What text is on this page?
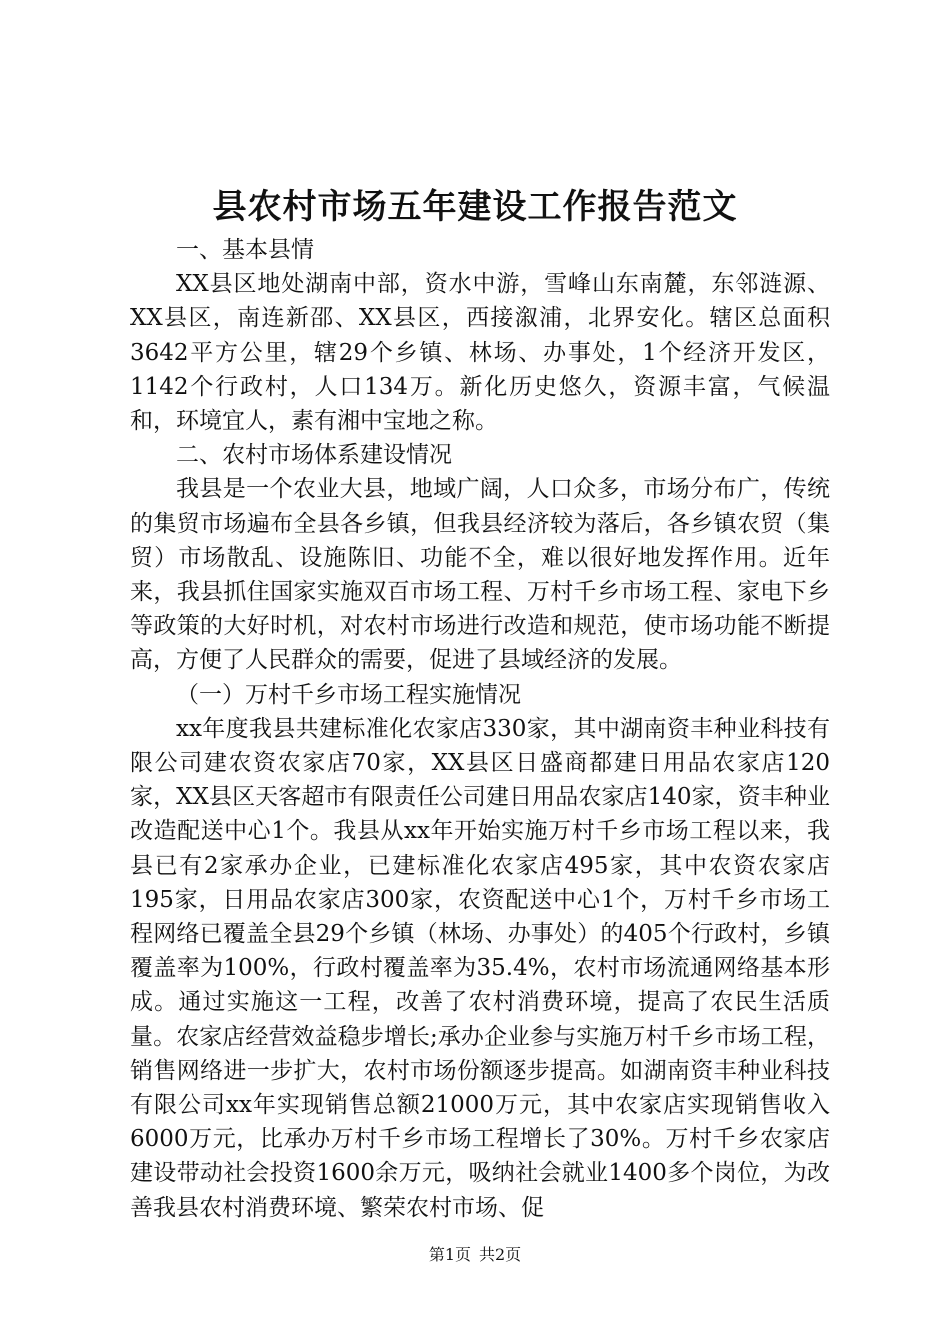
县农村市场五年建设工作报告范文

一、基本县情

XX县区地处湖南中部，资水中游，雪峰山东南麓，东邻涟源、XX县区，南连新邵、XX县区，西接溆浦，北界安化。辖区总面积3642平方公里，辖29个乡镇、林场、办事处，1个经济开发区，1142个行政村，人口134万。新化历史悠久，资源丰富，气候温和，环境宜人，素有湘中宝地之称。

二、农村市场体系建设情况

我县是一个农业大县，地域广阔，人口众多，市场分布广，传统的集贸市场遍布全县各乡镇，但我县经济较为落后，各乡镇农贸（集贸）市场散乱、设施陈旧、功能不全，难以很好地发挥作用。近年来，我县抓住国家实施双百市场工程、万村千乡市场工程、家电下乡等政策的大好时机，对农村市场进行改造和规范，使市场功能不断提高，方便了人民群众的需要，促进了县域经济的发展。

（一）万村千乡市场工程实施情况

xx年度我县共建标准化农家店330家，其中湖南资丰种业科技有限公司建农资农家店70家，XX县区日盛商都建日用品农家店120家，XX县区天客超市有限责任公司建日用品农家店140家，资丰种业改造配送中心1个。我县从xx年开始实施万村千乡市场工程以来，我县已有2家承办企业，已建标准化农家店495家，其中农资农家店195家，日用品农家店300家，农资配送中心1个，万村千乡市场工程网络已覆盖全县29个乡镇（林场、办事处）的405个行政村，乡镇覆盖率为100%，行政村覆盖率为35.4%，农村市场流通网络基本形成。通过实施这一工程，改善了农村消费环境，提高了农民生活质量。农家店经营效益稳步增长;承办企业参与实施万村千乡市场工程，销售网络进一步扩大，农村市场份额逐步提高。如湖南资丰种业科技有限公司xx年实现销售总额21000万元，其中农家店实现销售收入6000万元，比承办万村千乡市场工程增长了30%。万村千乡农家店建设带动社会投资1600余万元，吸纳社会就业1400多个岗位，为改善我县农村消费环境、繁荣农村市场、促

第1页 共2页
